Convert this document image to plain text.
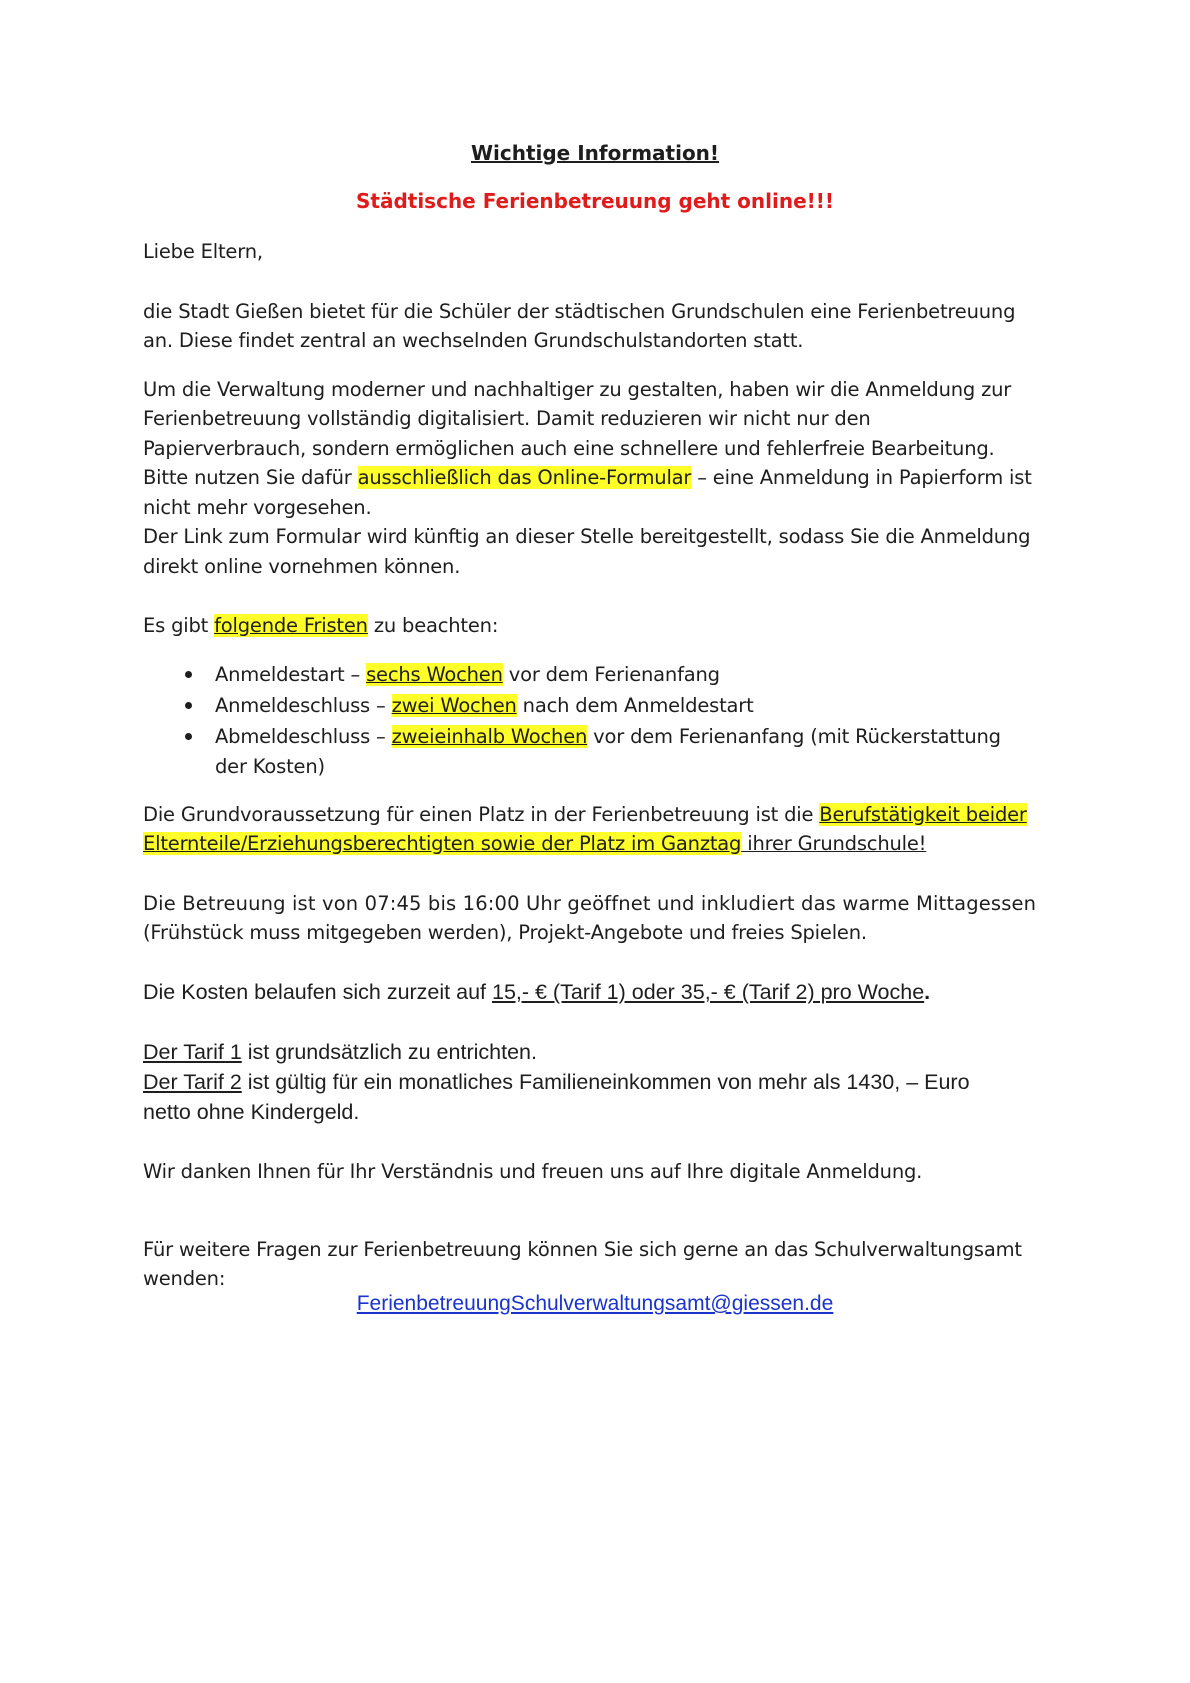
Wichtige Information!
Städtische Ferienbetreuung geht online!!!
Liebe Eltern,
die Stadt Gießen bietet für die Schüler der städtischen Grundschulen eine Ferienbetreuung
an. Diese findet zentral an wechselnden Grundschulstandorten statt.
Um die Verwaltung moderner und nachhaltiger zu gestalten, haben wir die Anmeldung zur
Ferienbetreuung vollständig digitalisiert. Damit reduzieren wir nicht nur den
Papierverbrauch, sondern ermöglichen auch eine schnellere und fehlerfreie Bearbeitung.
Bitte nutzen Sie dafür ausschließlich das Online-Formular – eine Anmeldung in Papierform ist
nicht mehr vorgesehen.
Der Link zum Formular wird künftig an dieser Stelle bereitgestellt, sodass Sie die Anmeldung
direkt online vornehmen können.
Es gibt folgende Fristen zu beachten:
Anmeldestart – sechs Wochen vor dem Ferienanfang
Anmeldeschluss – zwei Wochen nach dem Anmeldestart
Abmeldeschluss – zweieinhalb Wochen vor dem Ferienanfang (mit Rückerstattung
der Kosten)
Die Grundvoraussetzung für einen Platz in der Ferienbetreuung ist die Berufstätigkeit beider
Elternteile/Erziehungsberechtigten sowie der Platz im Ganztag ihrer Grundschule!
Die Betreuung ist von 07:45 bis 16:00 Uhr geöffnet und inkludiert das warme Mittagessen
(Frühstück muss mitgegeben werden), Projekt-Angebote und freies Spielen.
Die Kosten belaufen sich zurzeit auf 15,- € (Tarif 1) oder 35,- € (Tarif 2) pro Woche.
Der Tarif 1 ist grundsätzlich zu entrichten.
Der Tarif 2 ist gültig für ein monatliches Familieneinkommen von mehr als 1430, – Euro
netto ohne Kindergeld.
Wir danken Ihnen für Ihr Verständnis und freuen uns auf Ihre digitale Anmeldung.
Für weitere Fragen zur Ferienbetreuung können Sie sich gerne an das Schulverwaltungsamt
wenden:
FerienbetreuungSchulverwaltungsamt@giessen.de
